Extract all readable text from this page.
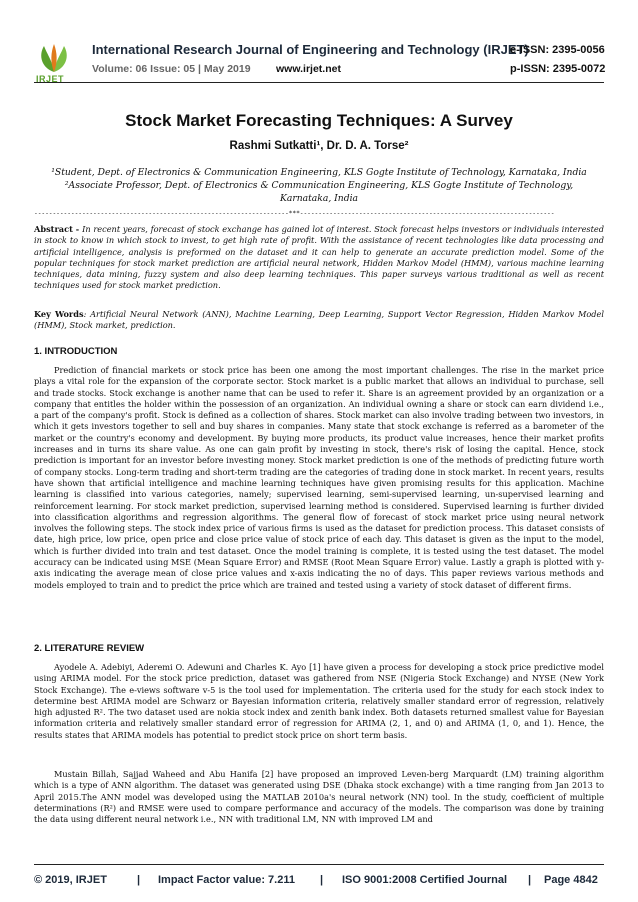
IRJET
International Research Journal of Engineering and Technology (IRJET)
e-ISSN: 2395-0056
Volume: 06 Issue: 05 | May 2019 www.irjet.net	p-ISSN: 2395-0072
Stock Market Forecasting Techniques: A Survey
Rashmi Sutkatti¹, Dr. D. A. Torse²
¹Student, Dept. of Electronics & Communication Engineering, KLS Gogte Institute of Technology, Karnataka, India
²Associate Professor, Dept. of Electronics & Communication Engineering, KLS Gogte Institute of Technology,
Karnataka, India
---------------------------------------------------------------------***---------------------------------------------------------------------
Abstract - In recent years, forecast of stock exchange has gained lot of interest. Stock forecast helps investors or individuals interested in stock to know in which stock to invest, to get high rate of profit. With the assistance of recent technologies like data processing and artificial intelligence, analysis is preformed on the dataset and it can help to generate an accurate prediction model. Some of the popular techniques for stock market prediction are artificial neural network, Hidden Markov Model (HMM), various machine learning techniques, data mining, fuzzy system and also deep learning techniques. This paper surveys various traditional as well as recent techniques used for stock market prediction.
Key Words: Artificial Neural Network (ANN), Machine Learning, Deep Learning, Support Vector Regression, Hidden Markov Model (HMM), Stock market, prediction.
1. INTRODUCTION
Prediction of financial markets or stock price has been one among the most important challenges. The rise in the market price plays a vital role for the expansion of the corporate sector. Stock market is a public market that allows an individual to purchase, sell and trade stocks. Stock exchange is another name that can be used to refer it. Share is an agreement provided by an organization or a company that entitles the holder within the possession of an organization. An individual owning a share or stock can earn dividend i.e., a part of the company's profit. Stock is defined as a collection of shares. Stock market can also involve trading between two investors, in which it gets investors together to sell and buy shares in companies. Many state that stock exchange is referred as a barometer of the market or the country's economy and development. By buying more products, its product value increases, hence their market profits increases and in turns its share value. As one can gain profit by investing in stock, there's risk of losing the capital. Hence, stock prediction is important for an investor before investing money. Stock market prediction is one of the methods of predicting future worth of company stocks. Long-term trading and short-term trading are the categories of trading done in stock market. In recent years, results have shown that artificial intelligence and machine learning techniques have given promising results for this application. Machine learning is classified into various categories, namely; supervised learning, semi-supervised learning, un-supervised learning and reinforcement learning. For stock market prediction, supervised learning method is considered. Supervised learning is further divided into classification algorithms and regression algorithms. The general flow of forecast of stock market price using neural network involves the following steps. The stock index price of various firms is used as the dataset for prediction process. This dataset consists of date, high price, low price, open price and close price value of stock price of each day. This dataset is given as the input to the model, which is further divided into train and test dataset. Once the model training is complete, it is tested using the test dataset. The model accuracy can be indicated using MSE (Mean Square Error) and RMSE (Root Mean Square Error) value. Lastly a graph is plotted with y-axis indicating the average mean of close price values and x-axis indicating the no of days. This paper reviews various methods and models employed to train and to predict the price which are trained and tested using a variety of stock dataset of different firms.
2. LITERATURE REVIEW
Ayodele A. Adebiyi, Aderemi O. Adewuni and Charles K. Ayo [1] have given a process for developing a stock price predictive model using ARIMA model. For the stock price prediction, dataset was gathered from NSE (Nigeria Stock Exchange) and NYSE (New York Stock Exchange). The e-views software v-5 is the tool used for implementation. The criteria used for the study for each stock index to determine best ARIMA model are Schwarz or Bayesian information criteria, relatively smaller standard error of regression, relatively high adjusted R². The two dataset used are nokia stock index and zenith bank index. Both datasets returned smallest value for Bayesian information criteria and relatively smaller standard error of regression for ARIMA (2, 1, and 0) and ARIMA (1, 0, and 1). Hence, the results states that ARIMA models has potential to predict stock price on short term basis.
Mustain Billah, Sajjad Waheed and Abu Hanifa [2] have proposed an improved Leven-berg Marquardt (LM) training algorithm which is a type of ANN algorithm. The dataset was generated using DSE (Dhaka stock exchange) with a time ranging from Jan 2013 to April 2015.The ANN model was developed using the MATLAB 2010a's neural network (NN) tool. In the study, coefficient of multiple determinations (R²) and RMSE were used to compare performance and accuracy of the models. The comparison was done by training the data using different neural network i.e., NN with traditional LM, NN with improved LM and
© 2019, IRJET	| Impact Factor value: 7.211 | ISO 9001:2008 Certified Journal | Page 4842
